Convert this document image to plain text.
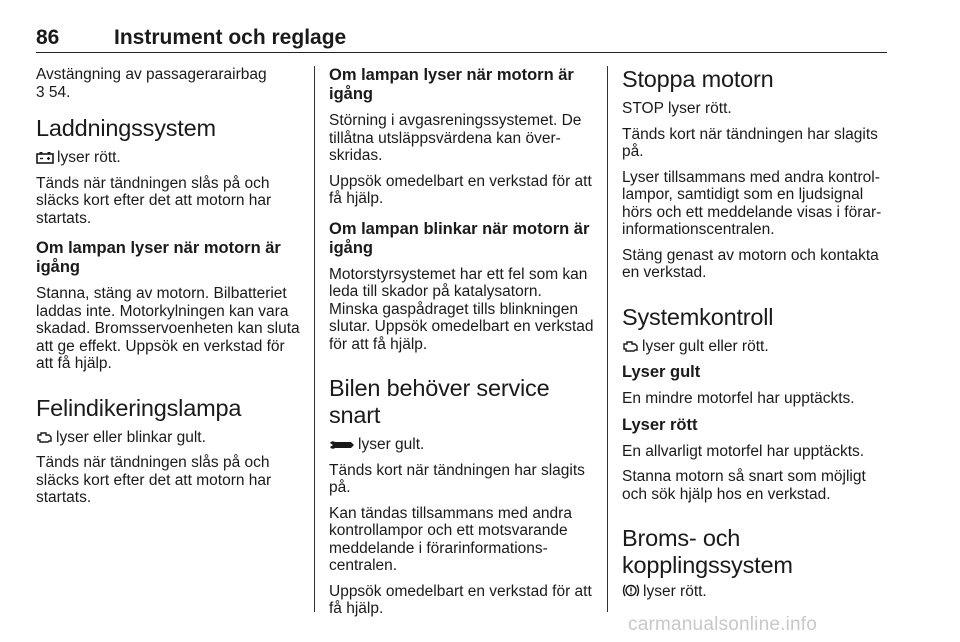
86	Instrument och reglage

Avstängning av passagerarairbag
3 54.

Laddningssystem

lyser rött.

Tänds när tändningen slås på och släcks kort efter det att motorn har startats.

Om lampan lyser när motorn är igång

Stanna, stäng av motorn. Bilbatteriet laddas inte. Motorkylningen kan vara skadad. Bromsservoenheten kan sluta att ge effekt. Uppsök en verkstad för att få hjälp.

Felindikeringslampa

lyser eller blinkar gult.

Tänds när tändningen slås på och släcks kort efter det att motorn har startats.

Om lampan lyser när motorn är igång

Störning i avgasreningssystemet. De tillåtna utsläppsvärdena kan överskridas.

Uppsök omedelbart en verkstad för att få hjälp.

Om lampan blinkar när motorn är igång

Motorstyrsystemet har ett fel som kan leda till skador på katalysatorn. Minska gaspådraget tills blinkningen slutar. Uppsök omedelbart en verkstad för att få hjälp.

Bilen behöver service snart

lyser gult.

Tänds kort när tändningen har slagits på.

Kan tändas tillsammans med andra kontrollampor och ett motsvarande meddelande i förarinformationscentralen.

Uppsök omedelbart en verkstad för att få hjälp.

Stoppa motorn

STOP lyser rött.

Tänds kort när tändningen har slagits på.

Lyser tillsammans med andra kontrollampor, samtidigt som en ljudsignal hörs och ett meddelande visas i förarinformationscentralen.

Stäng genast av motorn och kontakta en verkstad.

Systemkontroll

lyser gult eller rött.

Lyser gult

En mindre motorfel har upptäckts.

Lyser rött

En allvarligt motorfel har upptäckts.

Stanna motorn så snart som möjligt och sök hjälp hos en verkstad.

Broms- och
kopplingssystem

lyser rött.

carmanualsonline.info
